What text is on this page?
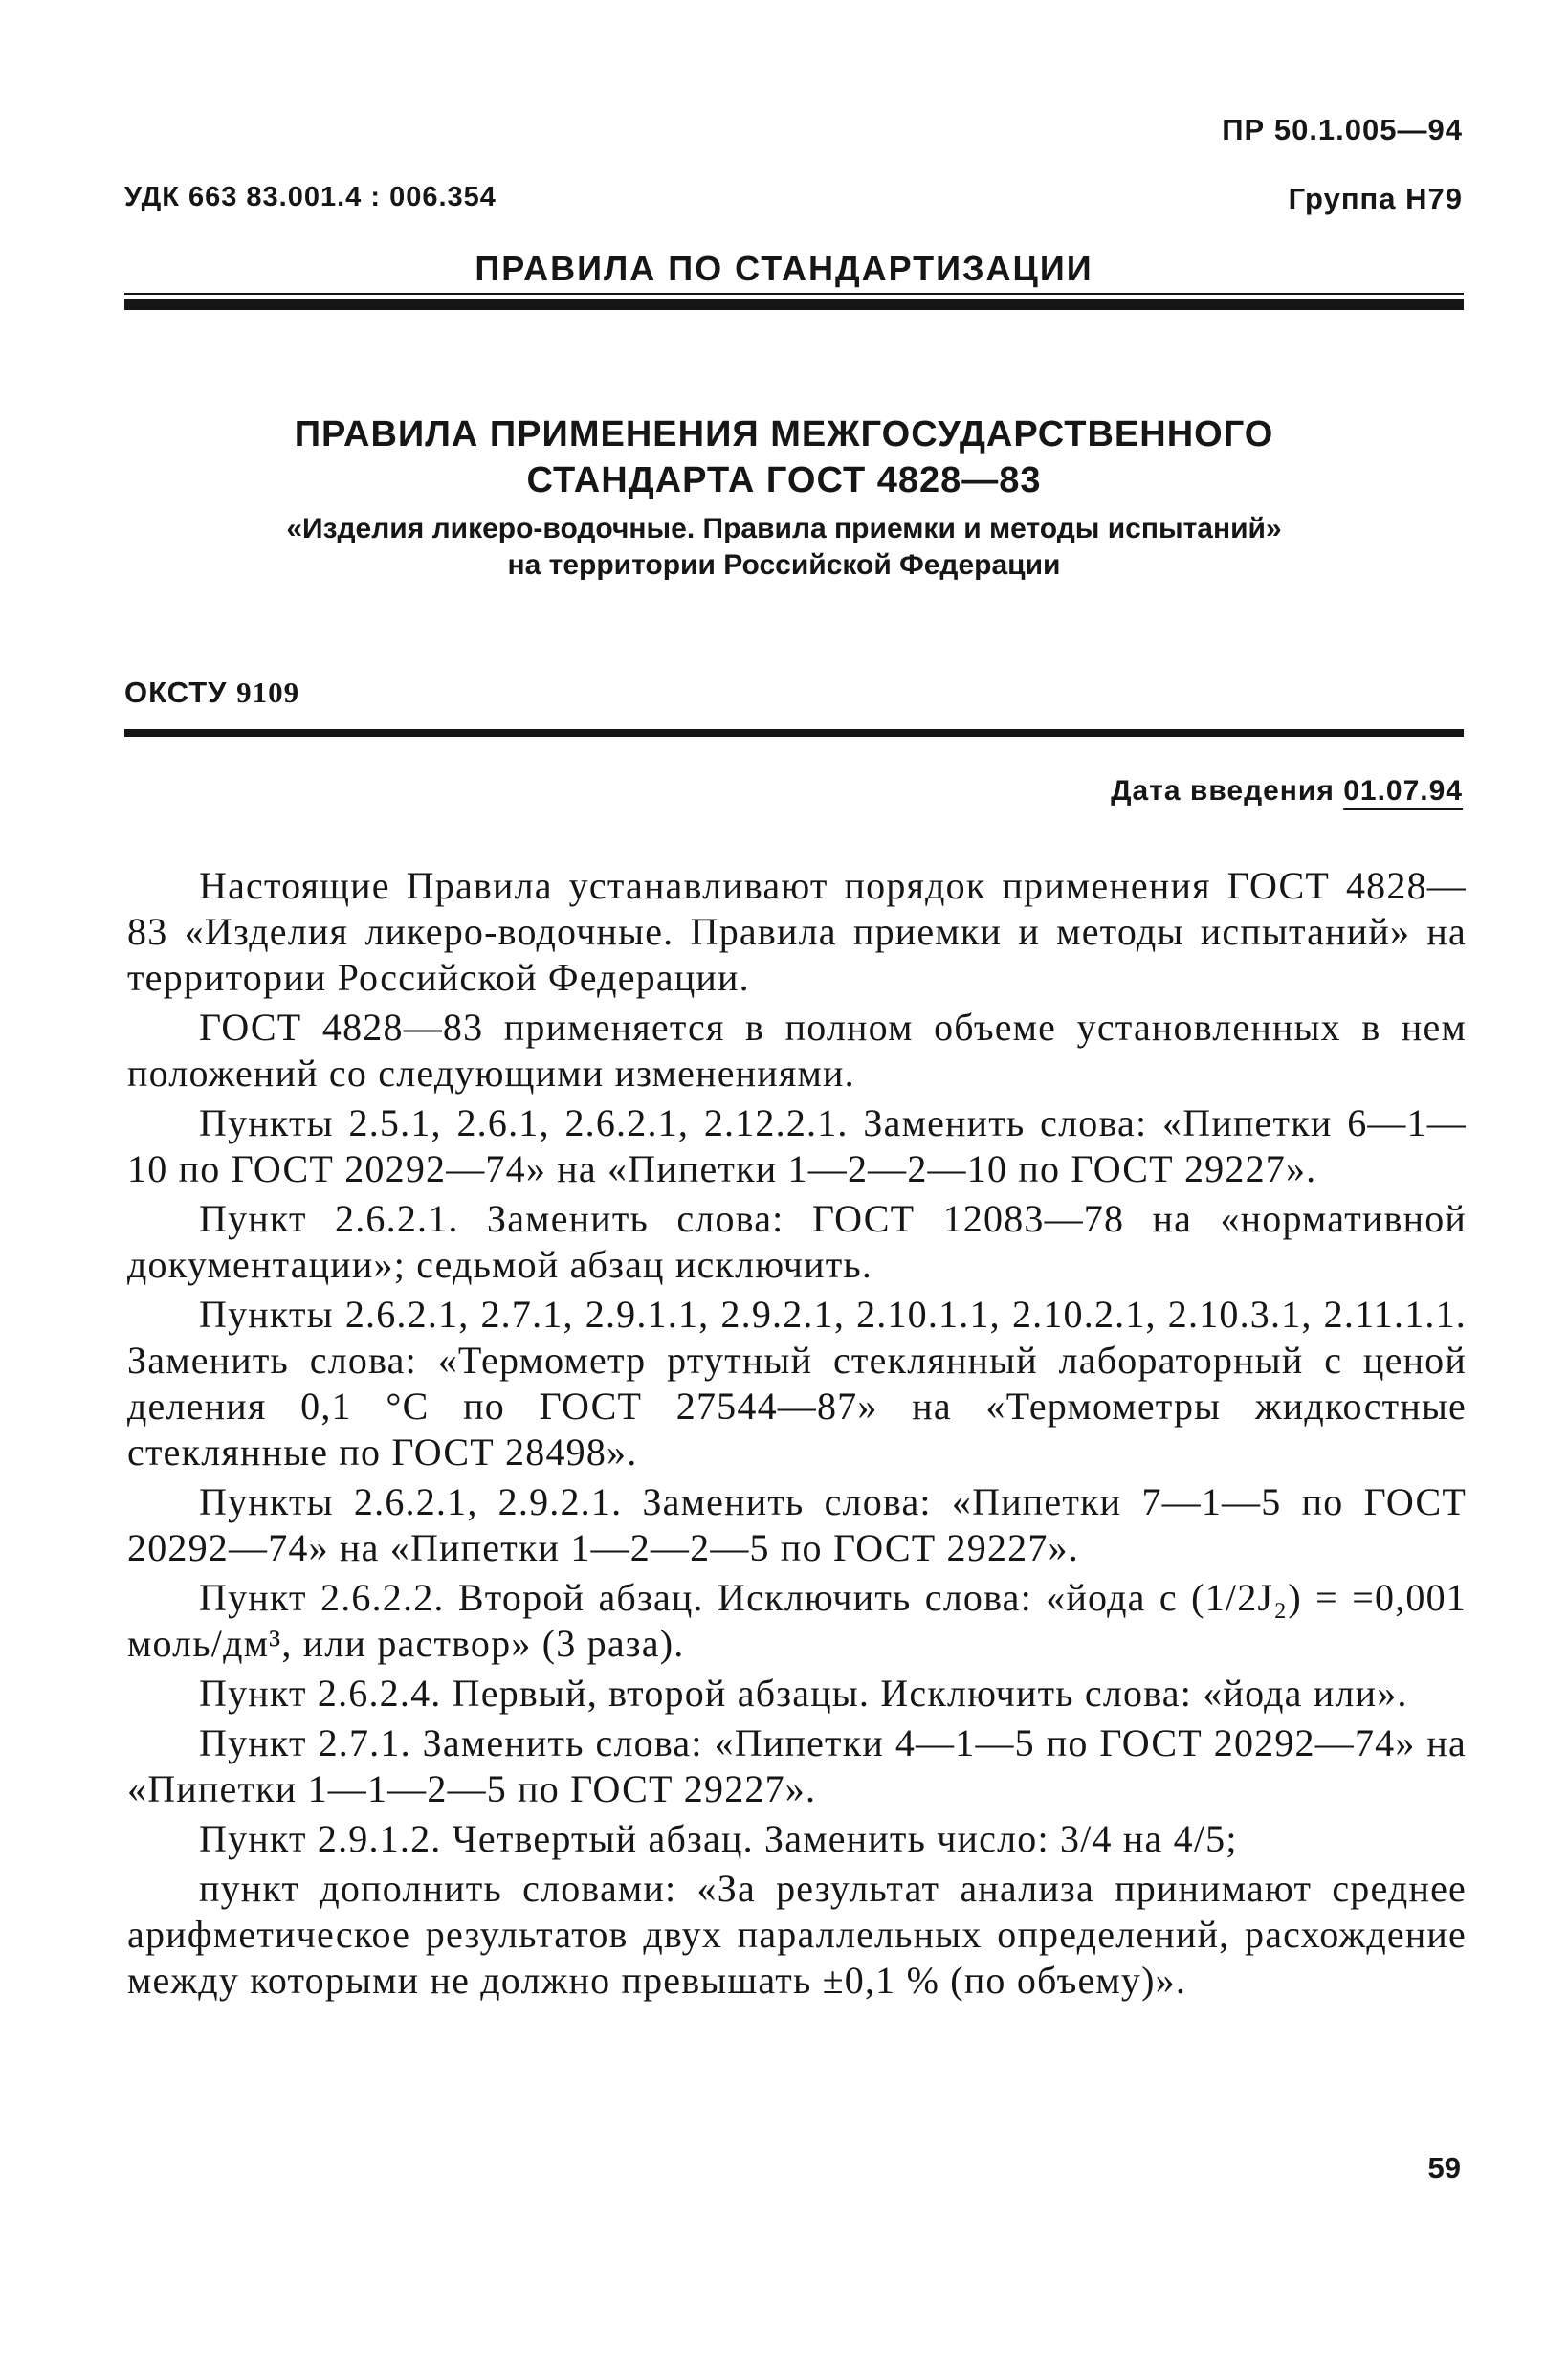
ПР 50.1.005—94
УДК 663 83.001.4 : 006.354	Группа Н79
ПРАВИЛА ПО СТАНДАРТИЗАЦИИ
ПРАВИЛА ПРИМЕНЕНИЯ МЕЖГОСУДАРСТВЕННОГО
СТАНДАРТА ГОСТ 4828—83
«Изделия ликеро-водочные. Правила приемки и методы испытаний»
на территории Российской Федерации
ОКСТУ 9109
Дата введения 01.07.94

Настоящие Правила устанавливают порядок применения ГОСТ 4828—83 «Изделия ликеро-водочные. Правила приемки и методы испытаний» на территории Российской Федерации.

ГОСТ 4828—83 применяется в полном объеме установленных в нем положений со следующими изменениями.

Пункты 2.5.1, 2.6.1, 2.6.2.1, 2.12.2.1. Заменить слова: «Пипетки 6—1—10 по ГОСТ 20292—74» на «Пипетки 1—2—2—10 по ГОСТ 29227».

Пункт 2.6.2.1. Заменить слова: ГОСТ 12083—78 на «нормативной документации»; седьмой абзац исключить.

Пункты 2.6.2.1, 2.7.1, 2.9.1.1, 2.9.2.1, 2.10.1.1, 2.10.2.1, 2.10.3.1, 2.11.1.1. Заменить слова: «Термометр ртутный стеклянный лабораторный с ценой деления 0,1 °С по ГОСТ 27544—87» на «Термометры жидкостные стеклянные по ГОСТ 28498».

Пункты 2.6.2.1, 2.9.2.1. Заменить слова: «Пипетки 7—1—5 по ГОСТ 20292—74» на «Пипетки 1—2—2—5 по ГОСТ 29227».

Пункт 2.6.2.2. Второй абзац. Исключить слова: «йода с (1/2J₂) = =0,001 моль/дм³, или раствор» (3 раза).

Пункт 2.6.2.4. Первый, второй абзацы. Исключить слова: «йода или».

Пункт 2.7.1. Заменить слова: «Пипетки 4—1—5 по ГОСТ 20292—74» на «Пипетки 1—1—2—5 по ГОСТ 29227».

Пункт 2.9.1.2. Четвертый абзац. Заменить число: 3/4 на 4/5;

пункт дополнить словами: «За результат анализа принимают среднее арифметическое результатов двух параллельных определений, расхождение между которыми не должно превышать ±0,1 % (по объему)».

59
